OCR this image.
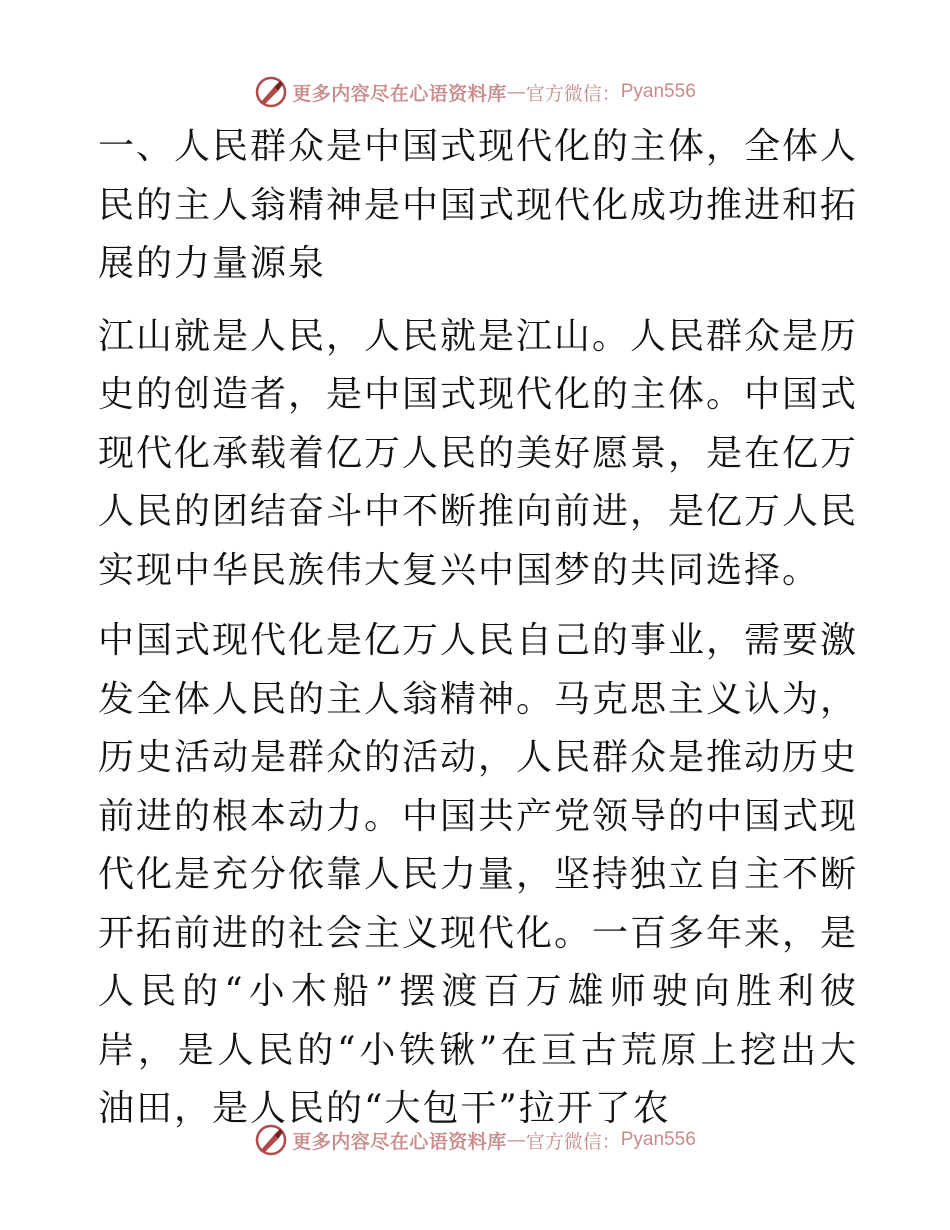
更多内容尽在心语资料库 — 官方微信： Pyan556

一、人民群众是中国式现代化的主体，全体人民的主人翁精神是中国式现代化成功推进和拓展的力量源泉

江山就是人民，人民就是江山。人民群众是历史的创造者，是中国式现代化的主体。中国式现代化承载着亿万人民的美好愿景，是在亿万人民的团结奋斗中不断推向前进，是亿万人民实现中华民族伟大复兴中国梦的共同选择。

中国式现代化是亿万人民自己的事业，需要激发全体人民的主人翁精神。马克思主义认为，历史活动是群众的活动，人民群众是推动历史前进的根本动力。中国共产党领导的中国式现代化是充分依靠人民力量，坚持独立自主不断开拓前进的社会主义现代化。一百多年来，是人民的“小木船”摆渡百万雄师驶向胜利彼岸，是人民的“小铁锹”在亘古荒原上挖出大油田，是人民的“大包干”拉开了农

更多内容尽在心语资料库 — 官方微信： Pyan556
